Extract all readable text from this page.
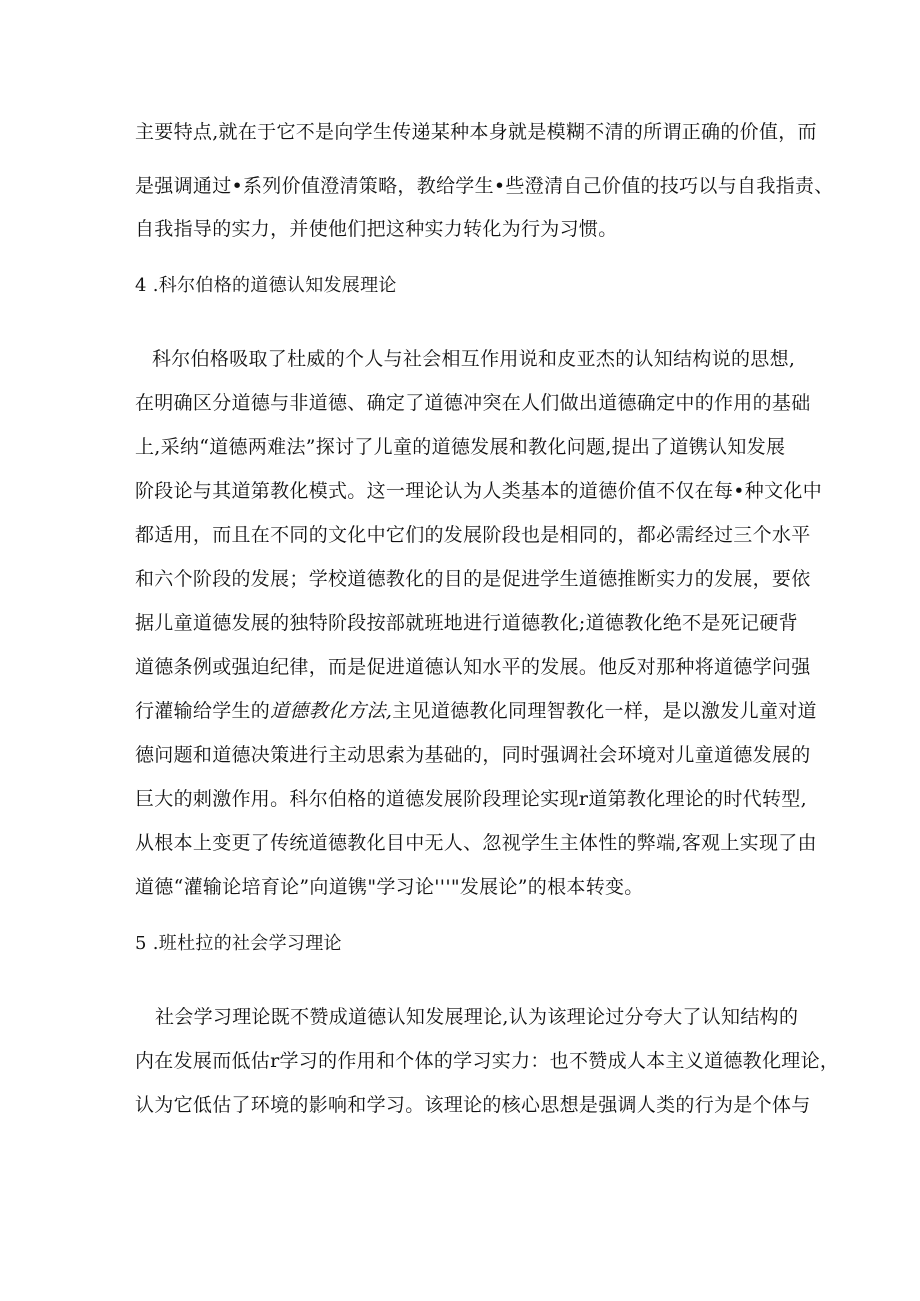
主要特点,就在于它不是向学生传递某种本身就是模糊不清的所谓正确的价值，而
是强调通过•系列价值澄清策略，教给学生•些澄清自己价值的技巧以与自我指责、
自我指导的实力，并使他们把这种实力转化为行为习惯。
4 .科尔伯格的道德认知发展理论
科尔伯格吸取了杜威的个人与社会相互作用说和皮亚杰的认知结构说的思想,
在明确区分道德与非道德、确定了道德冲突在人们做出道德确定中的作用的基础
上,采纳“道德两难法”探讨了儿童的道德发展和教化问题,提出了道镌认知发展
阶段论与其道第教化模式。这一理论认为人类基本的道德价值不仅在每•种文化中
都适用，而且在不同的文化中它们的发展阶段也是相同的，都必需经过三个水平
和六个阶段的发展；学校道德教化的目的是促进学生道德推断实力的发展，要依
据儿童道德发展的独特阶段按部就班地进行道德教化;道德教化绝不是死记硬背
道德条例或强迫纪律，而是促进道德认知水平的发展。他反对那种将道德学问强
行灌输给学生的道德教化方法,主见道德教化同理智教化一样，是以激发儿童对道
德问题和道德决策进行主动思索为基础的，同时强调社会环境对儿童道德发展的
巨大的刺激作用。科尔伯格的道德发展阶段理论实现r道第教化理论的时代转型,
从根本上变更了传统道德教化目中无人、忽视学生主体性的弊端,客观上实现了由
道德“灌输论培育论”向道镌"学习论'''"发展论”的根本转变。
5 .班杜拉的社会学习理论
社会学习理论既不赞成道德认知发展理论,认为该理论过分夸大了认知结构的
内在发展而低估r学习的作用和个体的学习实力：也不赞成人本主义道德教化理论，
认为它低估了环境的影响和学习。该理论的核心思想是强调人类的行为是个体与
